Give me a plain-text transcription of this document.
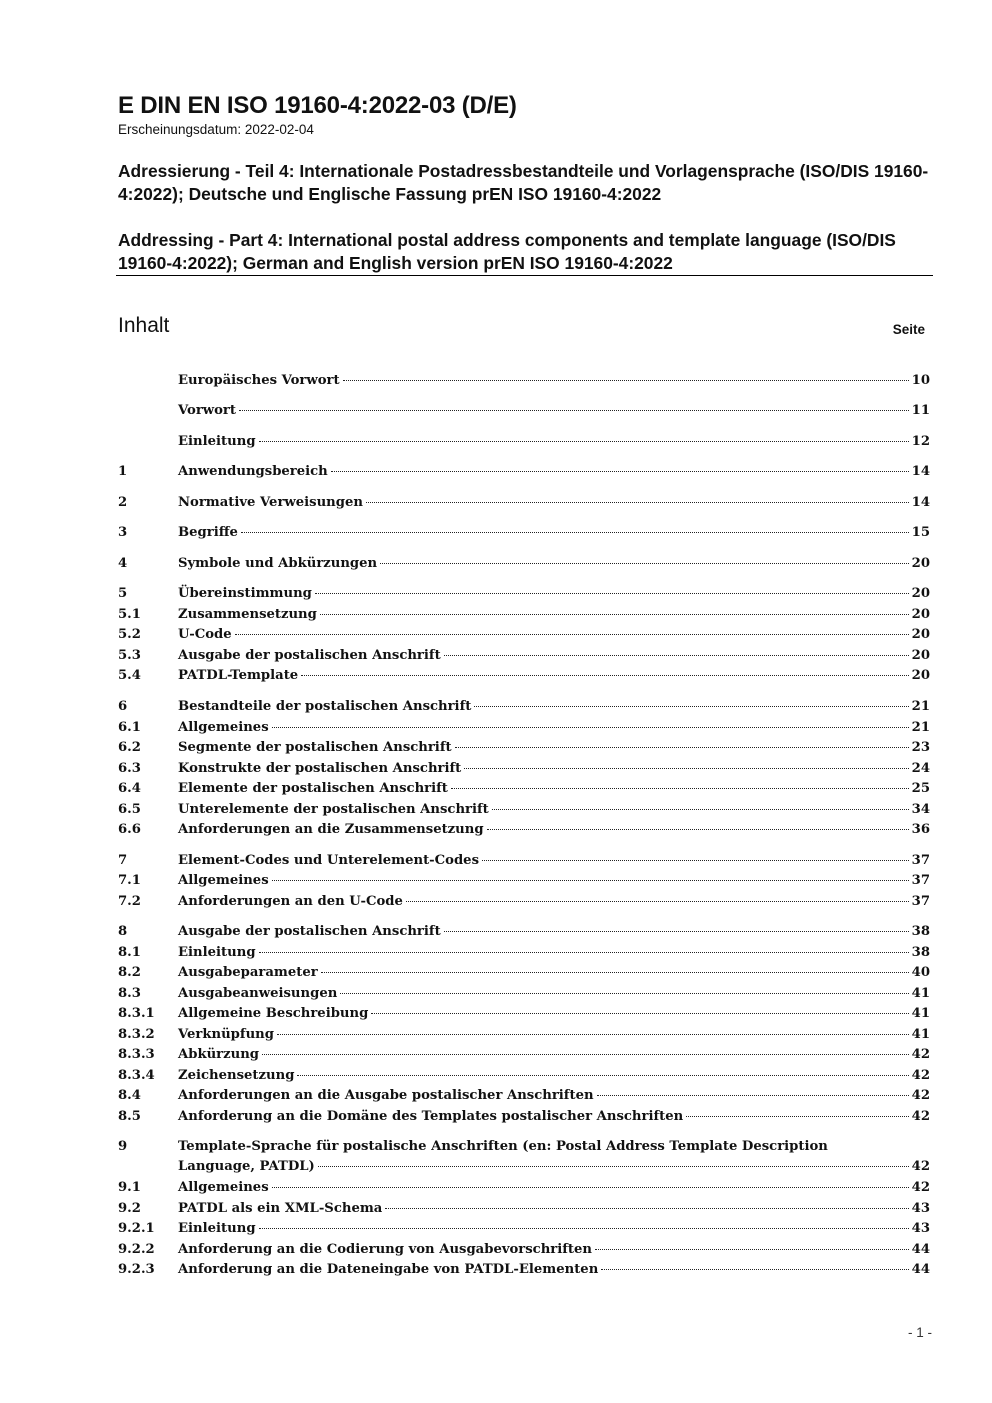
E DIN EN ISO 19160-4:2022-03 (D/E)
Erscheinungsdatum: 2022-02-04
Adressierung - Teil 4: Internationale Postadressbestandteile und Vorlagensprache (ISO/DIS 19160-4:2022); Deutsche und Englische Fassung prEN ISO 19160-4:2022
Addressing - Part 4: International postal address components and template language (ISO/DIS 19160-4:2022); German and English version prEN ISO 19160-4:2022
Inhalt	Seite
Europäisches Vorwort	10
Vorwort	11
Einleitung	12
1	Anwendungsbereich	14
2	Normative Verweisungen	14
3	Begriffe	15
4	Symbole und Abkürzungen	20
5	Übereinstimmung	20
5.1	Zusammensetzung	20
5.2	U-Code	20
5.3	Ausgabe der postalischen Anschrift	20
5.4	PATDL-Template	20
6	Bestandteile der postalischen Anschrift	21
6.1	Allgemeines	21
6.2	Segmente der postalischen Anschrift	23
6.3	Konstrukte der postalischen Anschrift	24
6.4	Elemente der postalischen Anschrift	25
6.5	Unterelemente der postalischen Anschrift	34
6.6	Anforderungen an die Zusammensetzung	36
7	Element-Codes und Unterelement-Codes	37
7.1	Allgemeines	37
7.2	Anforderungen an den U-Code	37
8	Ausgabe der postalischen Anschrift	38
8.1	Einleitung	38
8.2	Ausgabeparameter	40
8.3	Ausgabeanweisungen	41
8.3.1	Allgemeine Beschreibung	41
8.3.2	Verknüpfung	41
8.3.3	Abkürzung	42
8.3.4	Zeichensetzung	42
8.4	Anforderungen an die Ausgabe postalischer Anschriften	42
8.5	Anforderung an die Domäne des Templates postalischer Anschriften	42
9	Template-Sprache für postalische Anschriften (en: Postal Address Template Description
Language, PATDL)	42
9.1	Allgemeines	42
9.2	PATDL als ein XML-Schema	43
9.2.1	Einleitung	43
9.2.2	Anforderung an die Codierung von Ausgabevorschriften	44
9.2.3	Anforderung an die Dateneingabe von PATDL-Elementen	44
- 1 -
